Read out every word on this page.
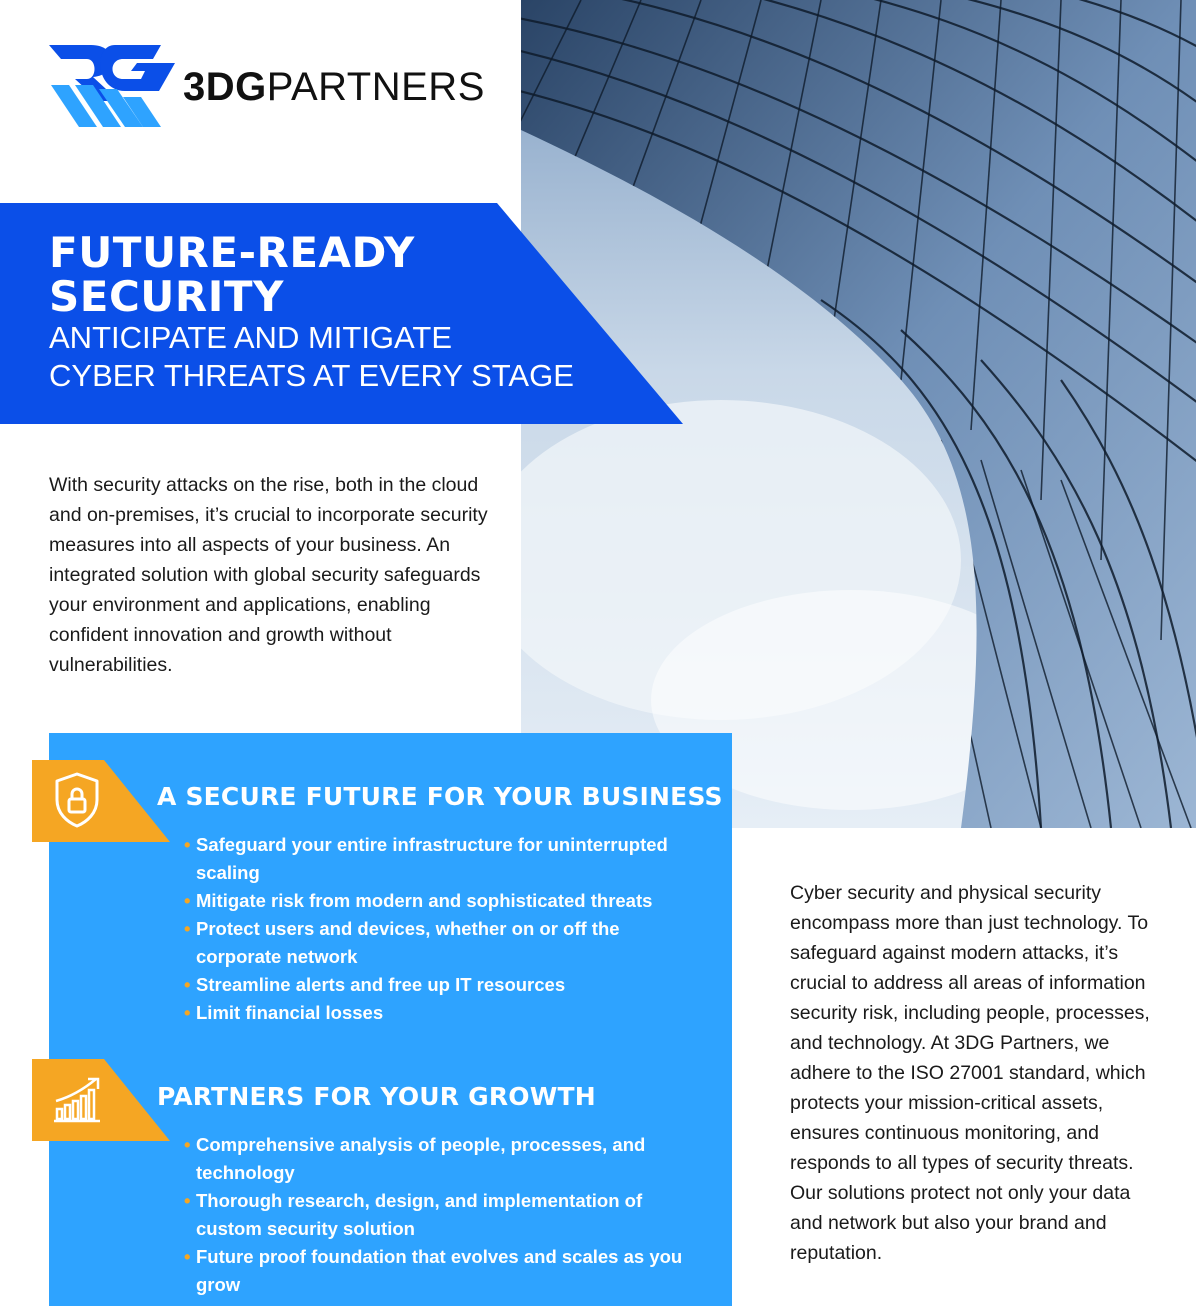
3DGPARTNERS
FUTURE-READY
SECURITY
ANTICIPATE AND MITIGATE
CYBER THREATS AT EVERY STAGE

With security attacks on the rise, both in the cloud and on-premises, it’s crucial to incorporate security measures into all aspects of your business. An integrated solution with global security safeguards your environment and applications, enabling confident innovation and growth without vulnerabilities.

A SECURE FUTURE FOR YOUR BUSINESS
• Safeguard your entire infrastructure for uninterrupted scaling
• Mitigate risk from modern and sophisticated threats
• Protect users and devices, whether on or off the corporate network
• Streamline alerts and free up IT resources
• Limit financial losses
PARTNERS FOR YOUR GROWTH
• Comprehensive analysis of people, processes, and technology
• Thorough research, design, and implementation of custom security solution
• Future proof foundation that evolves and scales as you grow

Cyber security and physical security encompass more than just technology. To safeguard against modern attacks, it’s crucial to address all areas of information security risk, including people, processes, and technology. At 3DG Partners, we adhere to the ISO 27001 standard, which protects your mission-critical assets, ensures continuous monitoring, and responds to all types of security threats. Our solutions protect not only your data and network but also your brand and reputation.
